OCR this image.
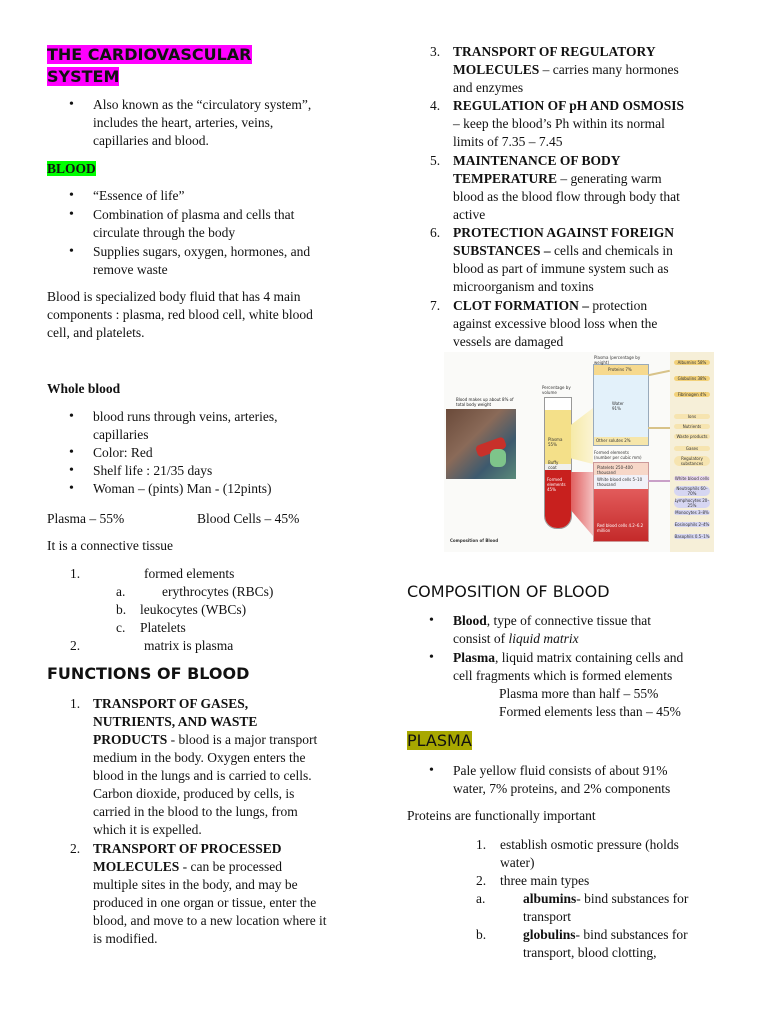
THE CARDIOVASCULAR
SYSTEM
• Also known as the “circulatory system”,
includes the heart, arteries, veins,
capillaries and blood.
BLOOD
• “Essence of life”
• Combination of plasma and cells that
circulate through the body
• Supplies sugars, oxygen, hormones, and
remove waste
Blood is specialized body fluid that has 4 main
components : plasma, red blood cell, white blood
cell, and platelets.
Whole blood
• blood runs through veins, arteries,
capillaries
• Color: Red
• Shelf life : 21/35 days
• Woman – (pints) Man - (12pints)
Plasma – 55%	Blood Cells – 45%
It is a connective tissue
1.	formed elements
a.	erythrocytes (RBCs)
b. leukocytes (WBCs)
c. Platelets
2.	matrix is plasma
FUNCTIONS OF BLOOD
1. TRANSPORT OF GASES,
NUTRIENTS, AND WASTE
PRODUCTS - blood is a major transport
medium in the body. Oxygen enters the
blood in the lungs and is carried to cells.
Carbon dioxide, produced by cells, is
carried in the blood to the lungs, from
which it is expelled.
2. TRANSPORT OF PROCESSED
MOLECULES - can be processed
multiple sites in the body, and may be
produced in one organ or tissue, enter the
blood, and move to a new location where it
is modified.
3. TRANSPORT OF REGULATORY
MOLECULES – carries many hormones
and enzymes
4. REGULATION OF pH AND OSMOSIS
– keep the blood’s Ph within its normal
limits of 7.35 – 7.45
5. MAINTENANCE OF BODY
TEMPERATURE – generating warm
blood as the blood flow through body that
active
6. PROTECTION AGAINST FOREIGN
SUBSTANCES – cells and chemicals in
blood as part of immune system such as
microorganism and toxins
7. CLOT FORMATION – protection
against excessive blood loss when the
vessels are damaged
Blood makes up about 8% of total body weight
Percentage by volume
Plasma 55%
Buffy coat
Formed elements 45%
Proteins 7%
Water 91%
Other solutes 2%
Plasma (percentage by weight)
Platelets 250–400 thousand
White blood cells 5–10 thousand
Red blood cells 4.2–6.2 million
Formed elements (number per cubic mm)
Albumins 58%
Globulins 38%
Fibrinogen 4%
Ions
Nutrients
Waste products
Gases
Regulatory substances
White blood cells
Neutrophils 60–70%
Lymphocytes 20–25%
Monocytes 3–8%
Eosinophils 2–4%
Basophils 0.5–1%
Composition of Blood
COMPOSITION OF BLOOD
• Blood, type of connective tissue that
consist of liquid matrix
• Plasma, liquid matrix containing cells and
cell fragments which is formed elements
Plasma more than half – 55%
Formed elements less than – 45%
PLASMA
• Pale yellow fluid consists of about 91%
water, 7% proteins, and 2% components
Proteins are functionally important
1. establish osmotic pressure (holds
water)
2. three main types
a.	albumins- bind substances for
transport
b.	globulins- bind substances for
transport, blood clotting,
